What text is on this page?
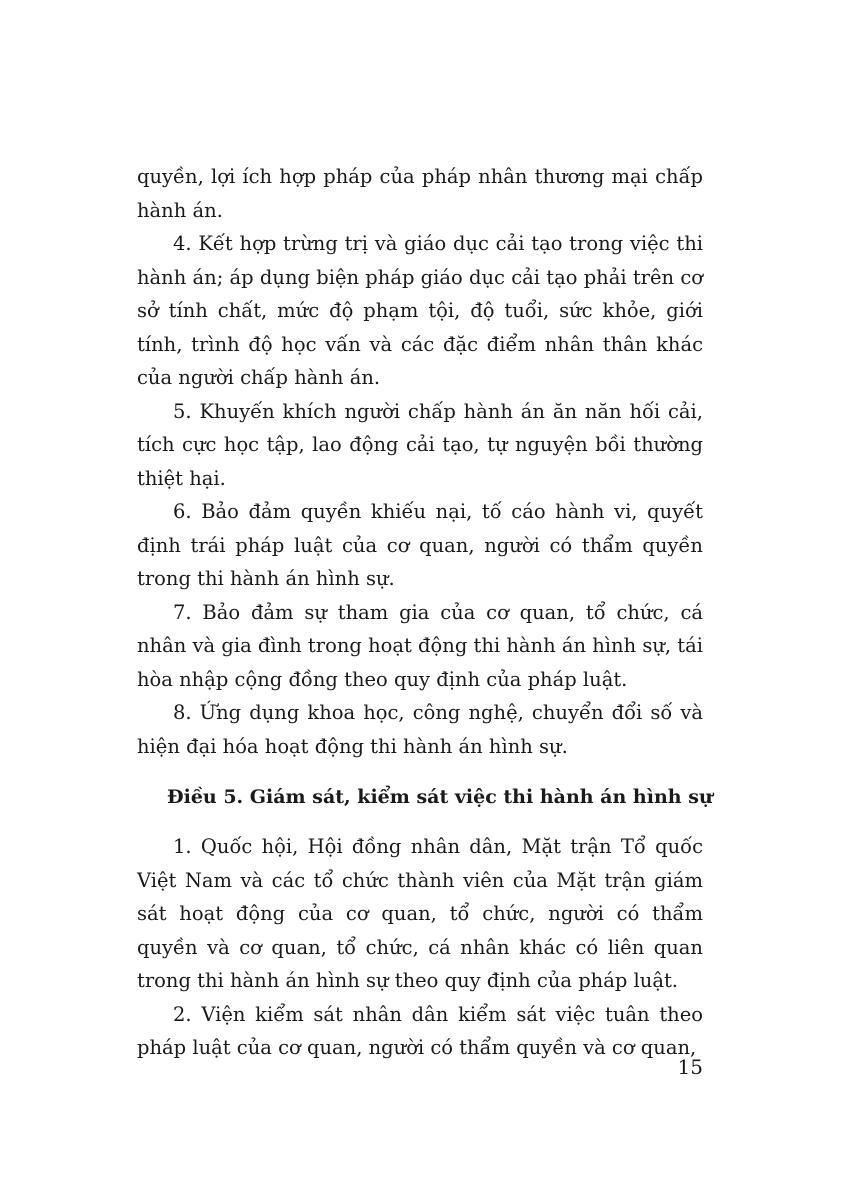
quyền, lợi ích hợp pháp của pháp nhân thương mại chấp hành án.

4. Kết hợp trừng trị và giáo dục cải tạo trong việc thi hành án; áp dụng biện pháp giáo dục cải tạo phải trên cơ sở tính chất, mức độ phạm tội, độ tuổi, sức khỏe, giới tính, trình độ học vấn và các đặc điểm nhân thân khác của người chấp hành án.

5. Khuyến khích người chấp hành án ăn năn hối cải, tích cực học tập, lao động cải tạo, tự nguyện bồi thường thiệt hại.

6. Bảo đảm quyền khiếu nại, tố cáo hành vi, quyết định trái pháp luật của cơ quan, người có thẩm quyền trong thi hành án hình sự.

7. Bảo đảm sự tham gia của cơ quan, tổ chức, cá nhân và gia đình trong hoạt động thi hành án hình sự, tái hòa nhập cộng đồng theo quy định của pháp luật.

8. Ứng dụng khoa học, công nghệ, chuyển đổi số và hiện đại hóa hoạt động thi hành án hình sự.

Điều 5. Giám sát, kiểm sát việc thi hành án hình sự

1. Quốc hội, Hội đồng nhân dân, Mặt trận Tổ quốc Việt Nam và các tổ chức thành viên của Mặt trận giám sát hoạt động của cơ quan, tổ chức, người có thẩm quyền và cơ quan, tổ chức, cá nhân khác có liên quan trong thi hành án hình sự theo quy định của pháp luật.

2. Viện kiểm sát nhân dân kiểm sát việc tuân theo pháp luật của cơ quan, người có thẩm quyền và cơ quan,

15
